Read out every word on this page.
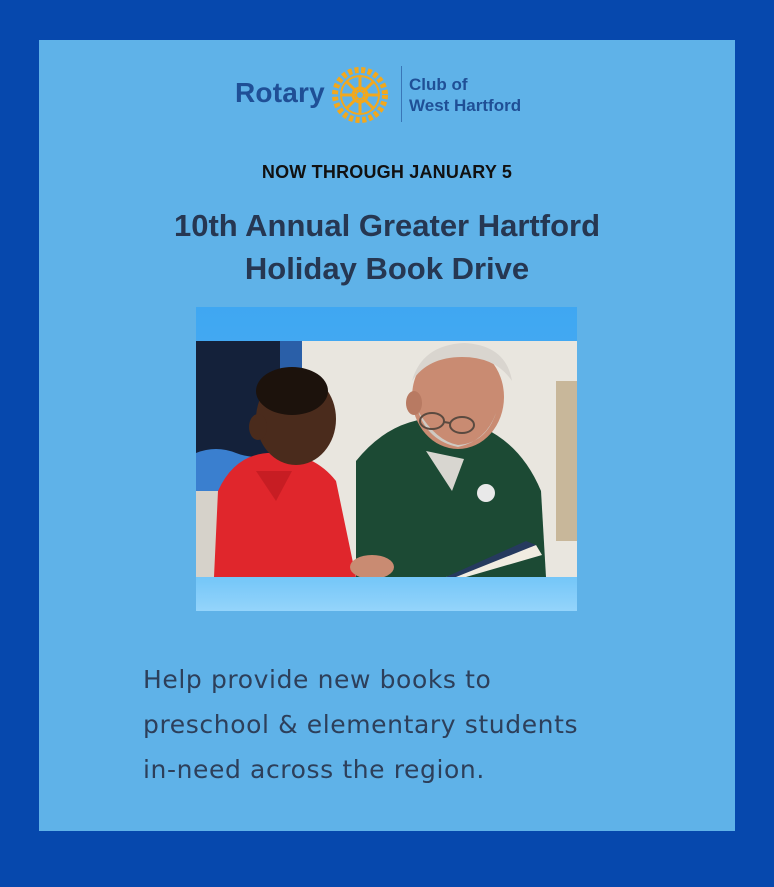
Rotary	Club of
West Hartford
NOW THROUGH JANUARY 5
10th Annual Greater Hartford
Holiday Book Drive
Help provide new books to
preschool & elementary students
in-need across the region.
